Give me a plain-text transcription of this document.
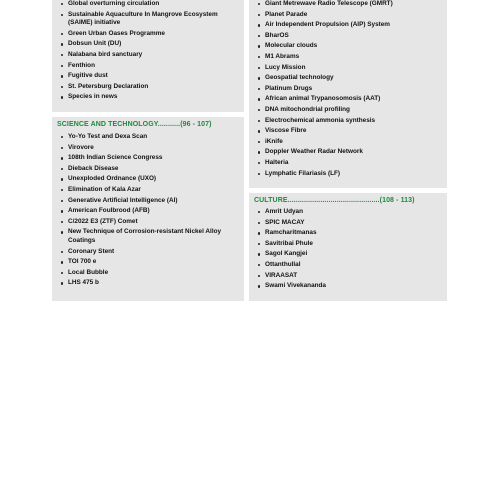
Global overturning circulation
Sustainable Aquaculture In Mangrove Ecosystem (SAIME) initiative
Green Urban Oases Programme
Dobsun Unit (DU)
Nalabana bird sanctuary
Fenthion
Fugitive dust
St. Petersburg Declaration
Species in news
SCIENCE AND TECHNOLOGY...........(96 - 107)
Yo-Yo Test and Dexa Scan
Virovore
108th Indian Science Congress
Dieback Disease
Unexploded Ordnance (UXO)
Elimination of Kala Azar
Generative Artificial Intelligence (AI)
American Foulbrood (AFB)
C/2022 E3 (ZTF) Comet
New Technique of Corrosion-resistant Nickel Alloy Coatings
Coronary Stent
TOI 700 e
Local Bubble
LHS 475 b
Giant Metrewave Radio Telescope (GMRT)
Planet Parade
Air Independent Propulsion (AIP) System
BharOS
Molecular clouds
M1 Abrams
Lucy Mission
Geospatial technology
Platinum Drugs
African animal Trypanosomosis (AAT)
DNA mitochondrial profiling
Electrochemical ammonia synthesis
Viscose Fibre
iKnife
Doppler Weather Radar Network
Halteria
Lymphatic Filariasis (LF)
CULTURE.............................................(108 - 113)
Amrit Udyan
SPIC MACAY
Ramcharitmanas
Savitribai Phule
Sagol Kangjei
Ottanthullal
VIRAASAT
Swami Vivekananda
